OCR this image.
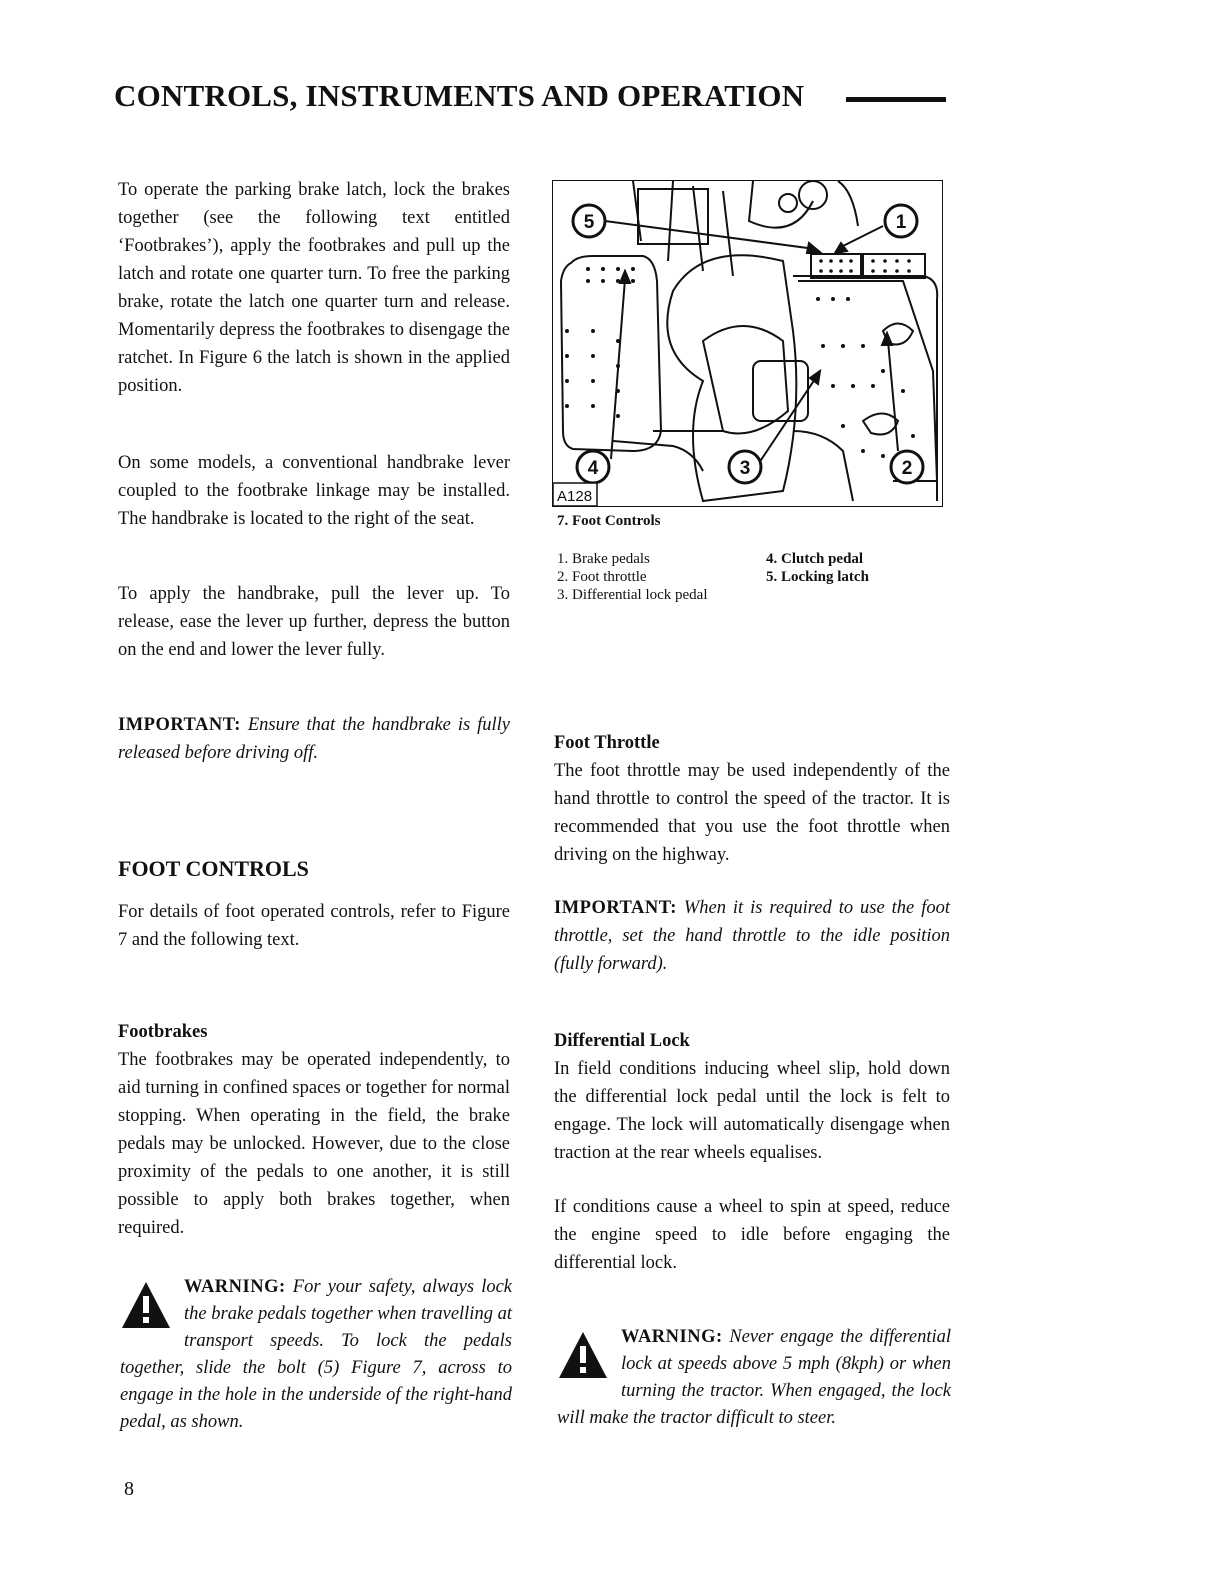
CONTROLS, INSTRUMENTS AND OPERATION

To operate the parking brake latch, lock the brakes together (see the following text entitled ‘Footbrakes’), apply the footbrakes and pull up the latch and rotate one quarter turn. To free the parking brake, rotate the latch one quarter turn and release. Momentarily depress the footbrakes to disengage the ratchet. In Figure 6 the latch is shown in the applied position.

On some models, a conventional handbrake lever coupled to the footbrake linkage may be installed. The handbrake is located to the right of the seat.

To apply the handbrake, pull the lever up. To release, ease the lever up further, depress the button on the end and lower the lever fully.

IMPORTANT: Ensure that the handbrake is fully released before driving off.

FOOT CONTROLS

For details of foot operated controls, refer to Figure 7 and the following text.

Footbrakes

The footbrakes may be operated independently, to aid turning in confined spaces or together for normal stopping. When operating in the field, the brake pedals may be unlocked. However, due to the close proximity of the pedals to one another, it is still possible to apply both brakes together, when required.

WARNING: For your safety, always lock the brake pedals together when travelling at transport speeds. To lock the pedals together, slide the bolt (5) Figure 7, across to engage in the hole in the underside of the right-hand pedal, as shown.
5	1
4	3	2
A128
7. Foot Controls
1. Brake pedals
2. Foot throttle
3. Differential lock pedal
4. Clutch pedal
5. Locking latch
Foot Throttle

The foot throttle may be used independently of the hand throttle to control the speed of the tractor. It is recommended that you use the foot throttle when driving on the highway.

IMPORTANT: When it is required to use the foot throttle, set the hand throttle to the idle position (fully forward).

Differential Lock

In field conditions inducing wheel slip, hold down the differential lock pedal until the lock is felt to engage. The lock will automatically disengage when traction at the rear wheels equalises.

If conditions cause a wheel to spin at speed, reduce the engine speed to idle before engaging the differential lock.

WARNING: Never engage the differential lock at speeds above 5 mph (8kph) or when turning the tractor. When engaged, the lock will make the tractor difficult to steer.
8
